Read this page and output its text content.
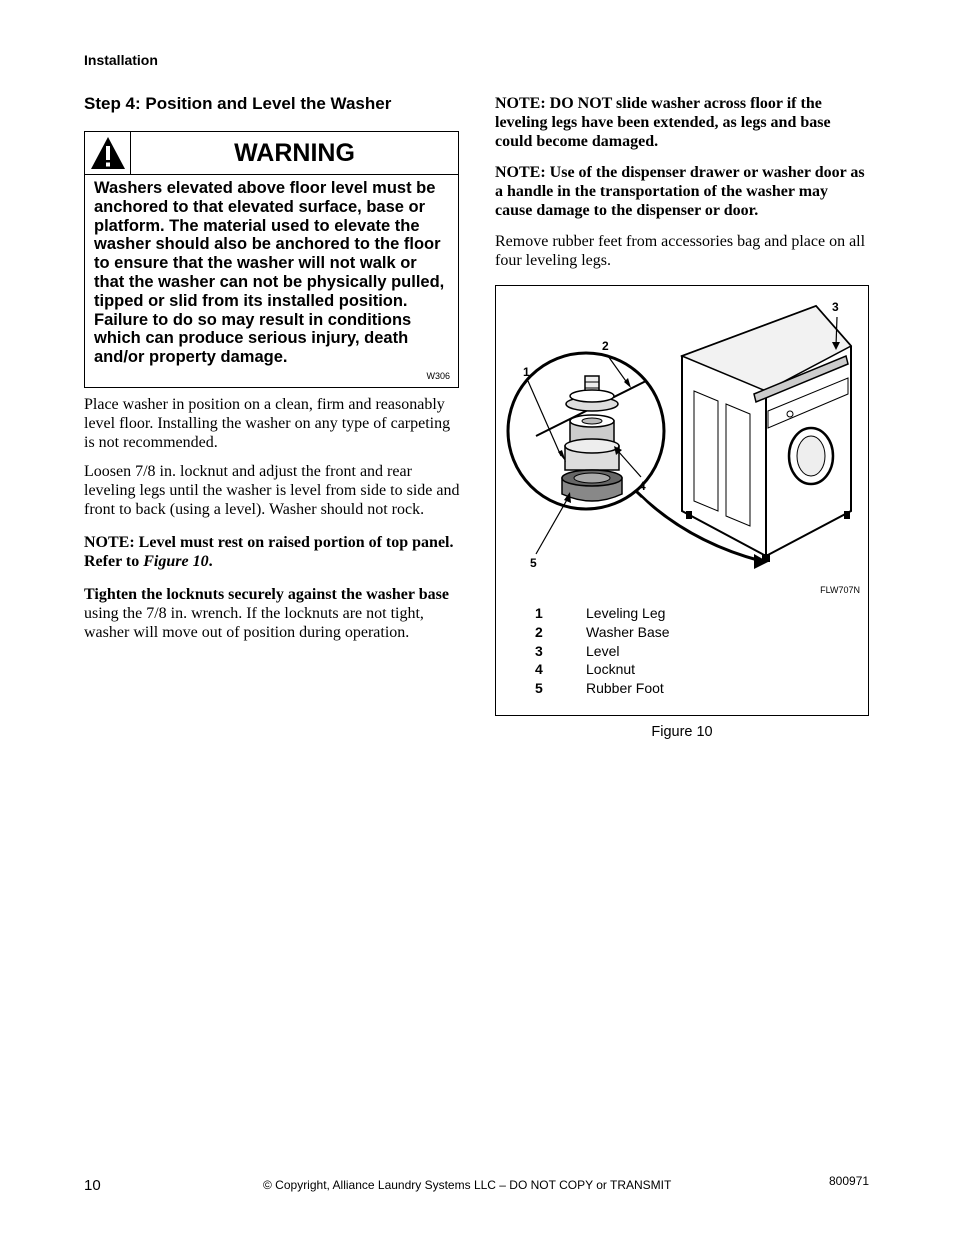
Installation
Step 4: Position and Level the Washer
WARNING
Washers elevated above floor level must be anchored to that elevated surface, base or platform. The material used to elevate the washer should also be anchored to the floor to ensure that the washer will not walk or that the washer can not be physically pulled, tipped or slid from its installed position. Failure to do so may result in conditions which can produce serious injury, death and/or property damage.
W306

Place washer in position on a clean, firm and reasonably level floor. Installing the washer on any type of carpeting is not recommended.

Loosen 7/8 in. locknut and adjust the front and rear leveling legs until the washer is level from side to side and front to back (using a level). Washer should not rock.

NOTE: Level must rest on raised portion of top panel. Refer to Figure 10.

Tighten the locknuts securely against the washer base using the 7/8 in. wrench. If the locknuts are not tight, washer will move out of position during operation.

NOTE: DO NOT slide washer across floor if the leveling legs have been extended, as legs and base could become damaged.

NOTE: Use of the dispenser drawer or washer door as a handle in the transportation of the washer may cause damage to the dispenser or door.

Remove rubber feet from accessories bag and place on all four leveling legs.

1
2
3
4
5
FLW707N
1	Leveling Leg
2	Washer Base
3	Level
4	Locknut
5	Rubber Foot
Figure 10
10	© Copyright, Alliance Laundry Systems LLC – DO NOT COPY or TRANSMIT	800971
